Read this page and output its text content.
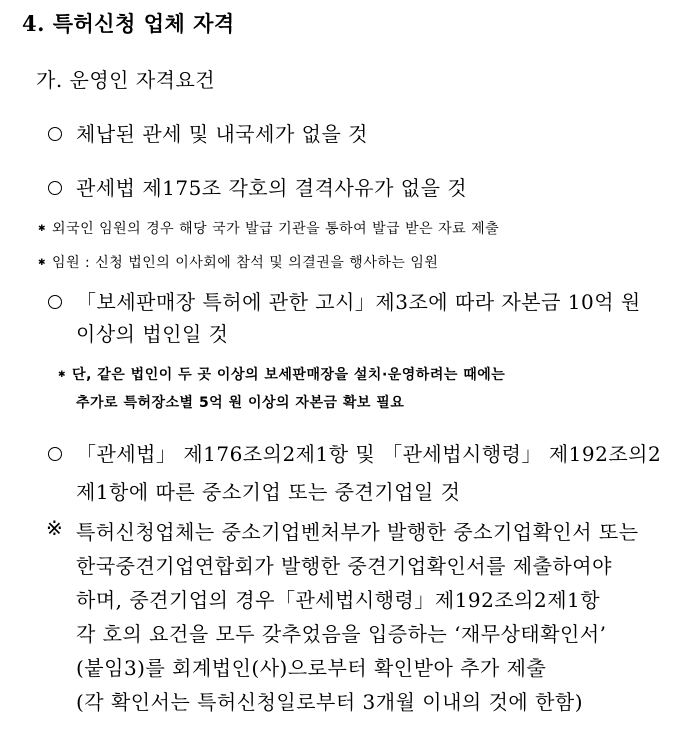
4. 특허신청 업체 자격
가. 운영인 자격요건
체납된 관세 및 내국세가 없을 것
관세법 제175조 각호의 결격사유가 없을 것
✱ 외국인 임원의 경우 해당 국가 발급 기관을 통하여 발급 받은 자료 제출
✱ 임원 : 신청 법인의 이사회에 참석 및 의결권을 행사하는 임원
「보세판매장 특허에 관한 고시」제3조에 따라 자본금 10억 원
이상의 법인일 것
✱ 단, 같은 법인이 두 곳 이상의 보세판매장을 설치·운영하려는 때에는
추가로 특허장소별 5억 원 이상의 자본금 확보 필요
「관세법」 제176조의2제1항 및 「관세법시행령」 제192조의2
제1항에 따른 중소기업 또는 중견기업일 것
※ 특허신청업체는 중소기업벤처부가 발행한 중소기업확인서 또는
한국중견기업연합회가 발행한 중견기업확인서를 제출하여야
하며, 중견기업의 경우「관세법시행령」제192조의2제1항
각 호의 요건을 모두 갖추었음을 입증하는 ‘재무상태확인서’
(붙임3)를 회계법인(사)으로부터 확인받아 추가 제출
(각 확인서는 특허신청일로부터 3개월 이내의 것에 한함)
